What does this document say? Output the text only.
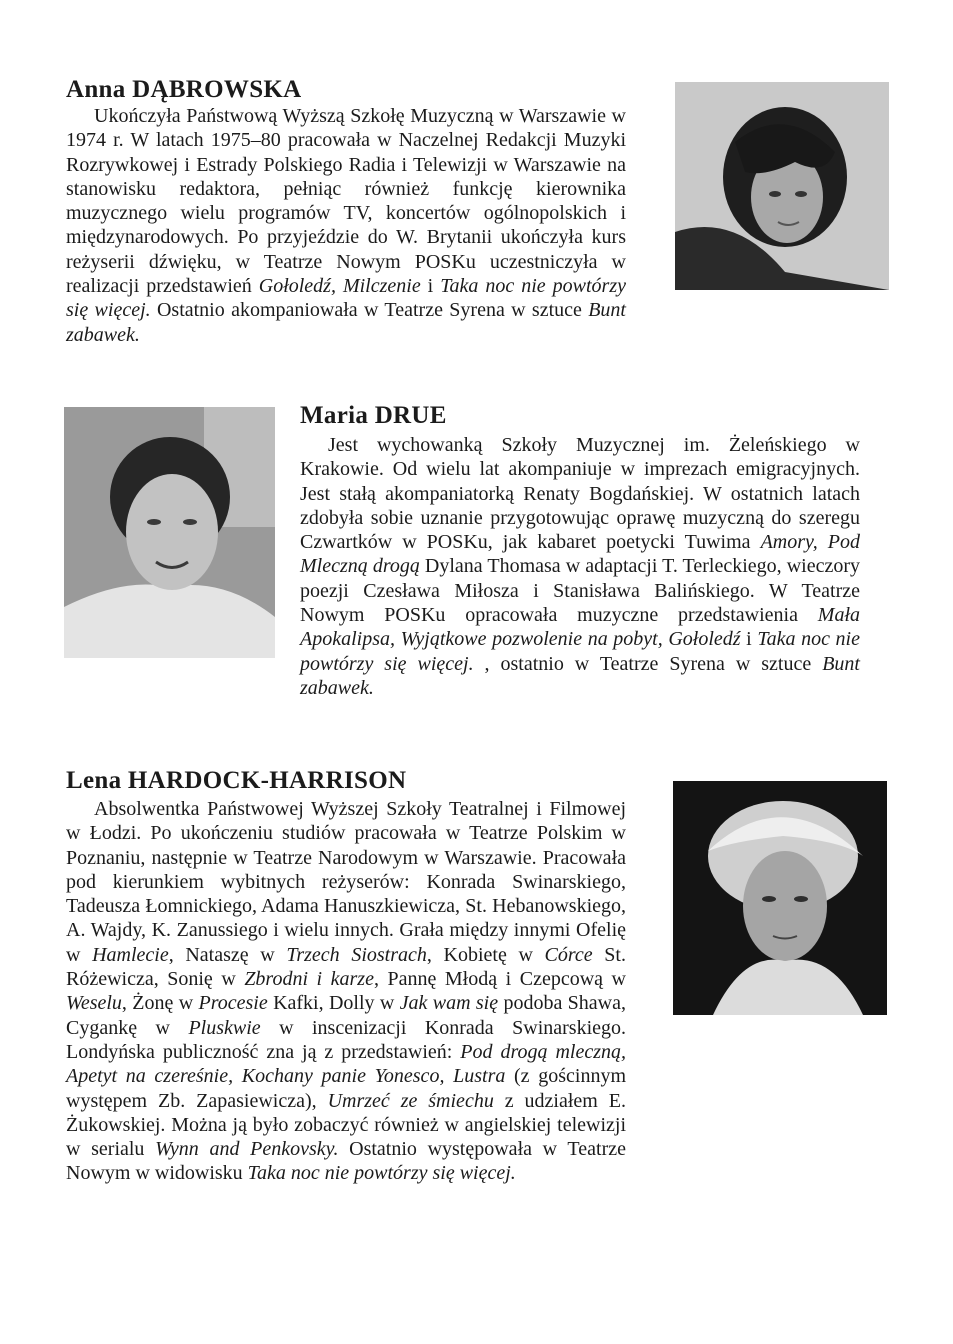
Anna DĄBROWSKA

Ukończyła Państwową Wyższą Szkołę Muzyczną w Warszawie w 1974 r. W latach 1975–80 pracowała w Naczelnej Redakcji Muzyki Rozrywkowej i Estrady Polskiego Radia i Telewizji w Warszawie na stanowisku redaktora, pełniąc również funkcję kierownika muzycznego wielu programów TV, koncertów ogólnopolskich i międzynarodowych. Po przyjeździe do W. Brytanii ukończyła kurs reżyserii dźwięku, w Teatrze Nowym POSKu uczestniczyła w realizacji przedstawień Gołoledź, Milczenie i Taka noc nie powtórzy się więcej. Ostatnio akompaniowała w Teatrze Syrena w sztuce Bunt zabawek.

Maria DRUE

Jest wychowanką Szkoły Muzycznej im. Żeleńskiego w Krakowie. Od wielu lat akompaniuje w imprezach emigracyjnych. Jest stałą akompaniatorką Renaty Bogdańskiej. W ostatnich latach zdobyła sobie uznanie przygotowując oprawę muzyczną do szeregu Czwartków w POSKu, jak kabaret poetycki Tuwima Amory, Pod Mleczną drogą Dylana Thomasa w adaptacji T. Terleckiego, wieczory poezji Czesława Miłosza i Stanisława Balińskiego. W Teatrze Nowym POSKu opracowała muzyczne przedstawienia Mała Apokalipsa, Wyjątkowe pozwolenie na pobyt, Gołoledź i Taka noc nie powtórzy się więcej. , ostatnio w Teatrze Syrena w sztuce Bunt zabawek.

Lena HARDOCK-HARRISON

Absolwentka Państwowej Wyższej Szkoły Teatralnej i Filmowej w Łodzi. Po ukończeniu studiów pracowała w Teatrze Polskim w Poznaniu, następnie w Teatrze Narodowym w Warszawie. Pracowała pod kierunkiem wybitnych reżyserów: Konrada Swinarskiego, Tadeusza Łomnickiego, Adama Hanuszkiewicza, St. Hebanowskiego, A. Wajdy, K. Zanussiego i wielu innych. Grała między innymi Ofelię w Hamlecie, Nataszę w Trzech Siostrach, Kobietę w Córce St. Różewicza, Sonię w Zbrodni i karze, Pannę Młodą i Czepcową w Weselu, Żonę w Procesie Kafki, Dolly w Jak wam się podoba Shawa, Cygankę w Pluskwie w inscenizacji Konrada Swinarskiego. Londyńska publiczność zna ją z przedstawień: Pod drogą mleczną, Apetyt na czereśnie, Kochany panie Yonesco, Lustra (z gościnnym występem Zb. Zapasiewicza), Umrzeć ze śmiechu z udziałem E. Żukowskiej. Można ją było zobaczyć również w angielskiej telewizji w serialu Wynn and Penkovsky. Ostatnio występowała w Teatrze Nowym w widowisku Taka noc nie powtórzy się więcej.
